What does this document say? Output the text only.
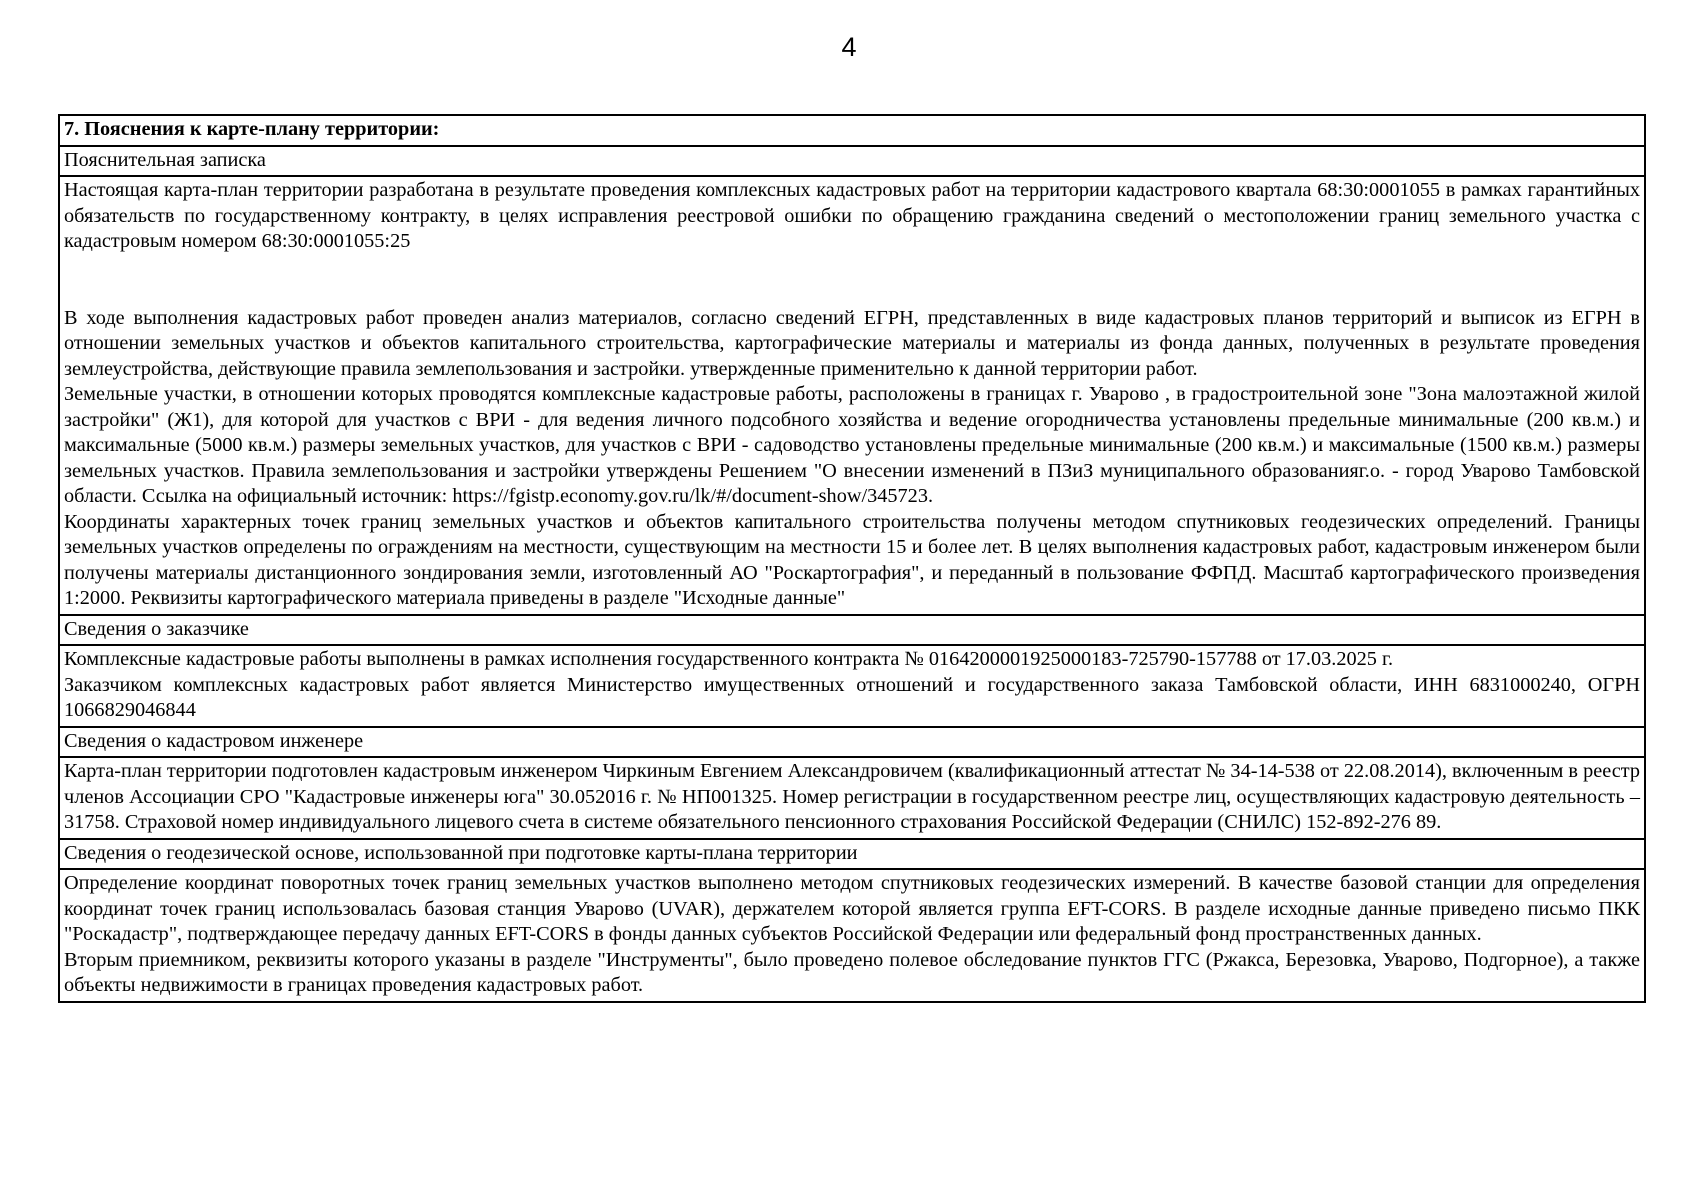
4
7. Пояснения к карте-плану территории:
Пояснительная записка

Настоящая карта-план территории разработана в результате проведения комплексных кадастровых работ на территории кадастрового квартала 68:30:0001055 в рамках гарантийных обязательств по государственному контракту, в целях исправления реестровой ошибки по обращению гражданина сведений о местоположении границ земельного участка с кадастровым номером 68:30:0001055:25

В ходе выполнения кадастровых работ проведен анализ материалов, согласно сведений ЕГРН, представленных в виде кадастровых планов территорий и выписок из ЕГРН в отношении земельных участков и объектов капитального строительства, картографические материалы и материалы из фонда данных, полученных в результате проведения землеустройства, действующие правила землепользования и застройки. утвержденные применительно к данной территории работ.

Земельные участки, в отношении которых проводятся комплексные кадастровые работы, расположены в границах г. Уварово , в градостроительной зоне "Зона малоэтажной жилой застройки" (Ж1), для которой для участков с ВРИ - для ведения личного подсобного хозяйства и ведение огородничества установлены предельные минимальные (200 кв.м.) и максимальные (5000 кв.м.) размеры земельных участков, для участков с ВРИ - садоводство установлены предельные минимальные (200 кв.м.) и максимальные (1500 кв.м.) размеры земельных участков. Правила землепользования и застройки утверждены Решением "О внесении изменений в ПЗиЗ муниципального образованияг.о. - город Уварово Тамбовской области. Ссылка на официальный источник: https://fgistp.economy.gov.ru/lk/#/document-show/345723.

Координаты характерных точек границ земельных участков и объектов капитального строительства получены методом спутниковых геодезических определений. Границы земельных участков определены по ограждениям на местности, существующим на местности 15 и более лет. В целях выполнения кадастровых работ, кадастровым инженером были получены материалы дистанционного зондирования земли, изготовленный АО "Роскартография", и переданный в пользование ФФПД. Масштаб картографического произведения 1:2000. Реквизиты картографического материала приведены в разделе "Исходные данные"

Сведения о заказчике

Комплексные кадастровые работы выполнены в рамках исполнения государственного контракта № 0164200001925000183-725790-157788 от 17.03.2025 г.

Заказчиком комплексных кадастровых работ является Министерство имущественных отношений и государственного заказа Тамбовской области, ИНН 6831000240, ОГРН 1066829046844

Сведения о кадастровом инженере

Карта-план территории подготовлен кадастровым инженером Чиркиным Евгением Александровичем (квалификационный аттестат № 34-14-538 от 22.08.2014), включенным в реестр членов Ассоциации СРО "Кадастровые инженеры юга" 30.052016 г. № НП001325. Номер регистрации в государственном реестре лиц, осуществляющих кадастровую деятельность – 31758. Страховой номер индивидуального лицевого счета в системе обязательного пенсионного страхования Российской Федерации (СНИЛС) 152-892-276 89.

Сведения о геодезической основе, использованной при подготовке карты-плана территории

Определение координат поворотных точек границ земельных участков выполнено методом спутниковых геодезических измерений. В качестве базовой станции для определения координат точек границ использовалась базовая станция Уварово (UVAR), держателем которой является группа EFT-CORS. В разделе исходные данные приведено письмо ПКК "Роскадастр", подтверждающее передачу данных EFT-CORS в фонды данных субъектов Российской Федерации или федеральный фонд пространственных данных.

Вторым приемником, реквизиты которого указаны в разделе "Инструменты", было проведено полевое обследование пунктов ГГС (Ржакса, Березовка, Уварово, Подгорное), а также объекты недвижимости в границах проведения кадастровых работ.
